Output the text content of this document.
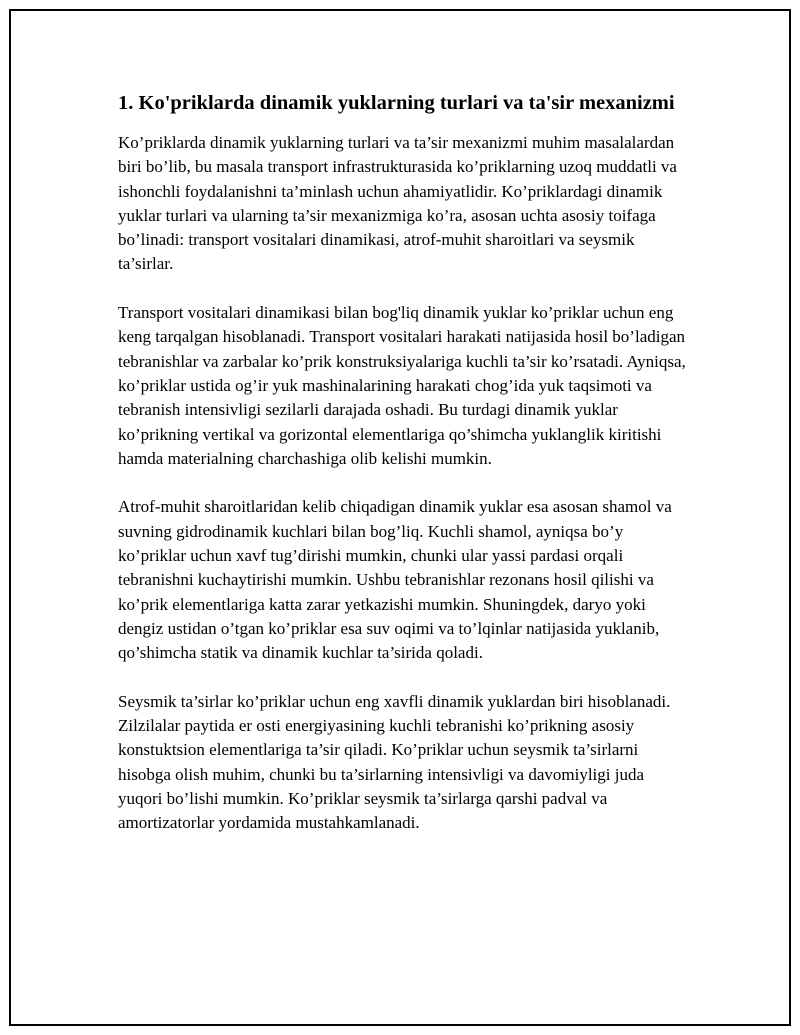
1. Ko'priklarda dinamik yuklarning turlari va ta'sir mexanizmi

Ko’priklarda dinamik yuklarning turlari va ta’sir mexanizmi muhim masalalardan biri bo’lib, bu masala transport infrastrukturasida ko’priklarning uzoq muddatli va ishonchli foydalanishni ta’minlash uchun ahamiyatlidir. Ko’priklardagi dinamik yuklar turlari va ularning ta’sir mexanizmiga ko’ra, asosan uchta asosiy toifaga bo’linadi: transport vositalari dinamikasi, atrof-muhit sharoitlari va seysmik ta’sirlar.

Transport vositalari dinamikasi bilan bog'liq dinamik yuklar ko’priklar uchun eng keng tarqalgan hisoblanadi. Transport vositalari harakati natijasida hosil bo’ladigan tebranishlar va zarbalar ko’prik konstruksiyalariga kuchli ta’sir ko’rsatadi. Ayniqsa, ko’priklar ustida og’ir yuk mashinalarining harakati chog’ida yuk taqsimoti va tebranish intensivligi sezilarli darajada oshadi. Bu turdagi dinamik yuklar ko’prikning vertikal va gorizontal elementlariga qo’shimcha yuklanglik kiritishi hamda materialning charchashiga olib kelishi mumkin.

Atrof-muhit sharoitlaridan kelib chiqadigan dinamik yuklar esa asosan shamol va suvning gidrodinamik kuchlari bilan bog’liq. Kuchli shamol, ayniqsa bo’y ko’priklar uchun xavf tug’dirishi mumkin, chunki ular yassi pardasi orqali tebranishni kuchaytirishi mumkin. Ushbu tebranishlar rezonans hosil qilishi va ko’prik elementlariga katta zarar yetkazishi mumkin. Shuningdek, daryo yoki dengiz ustidan o’tgan ko’priklar esa suv oqimi va to’lqinlar natijasida yuklanib, qo’shimcha statik va dinamik kuchlar ta’sirida qoladi.

Seysmik ta’sirlar ko’priklar uchun eng xavfli dinamik yuklardan biri hisoblanadi. Zilzilalar paytida er osti energiyasining kuchli tebranishi ko’prikning asosiy konstuktsion elementlariga ta’sir qiladi. Ko’priklar uchun seysmik ta’sirlarni hisobga olish muhim, chunki bu ta’sirlarning intensivligi va davomiyligi juda yuqori bo’lishi mumkin. Ko’priklar seysmik ta’sirlarga qarshi padval va amortizatorlar yordamida mustahkamlanadi.
